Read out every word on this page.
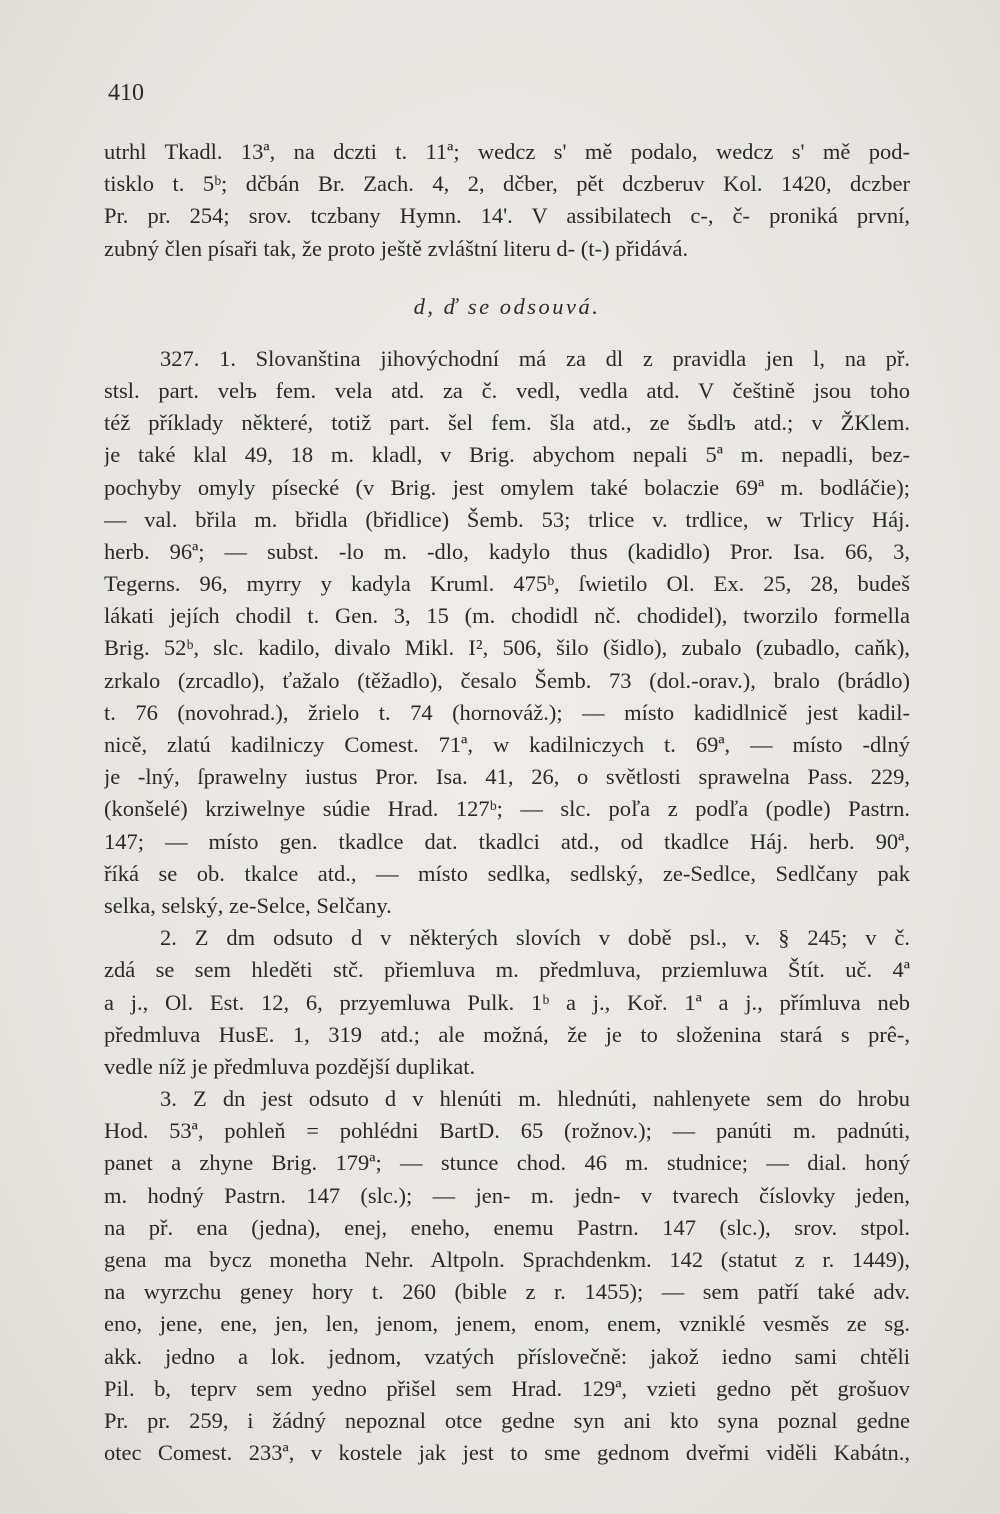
410
utrhl Tkadl. 13ª, na dczti t. 11ª; wedcz s' mě podalo, wedcz s' mě pod-
tisklo t. 5ᵇ; dčbán Br. Zach. 4, 2, dčber, pět dczberuv Kol. 1420, dczber
Pr. pr. 254; srov. tczbany Hymn. 14'. V assibilatech c-, č- proniká první,
zubný člen písaři tak, že proto ještě zvláštní literu d- (t-) přidává.
d, ď se odsouvá.
327. 1. Slovanština jihovýchodní má za dl z pravidla jen l, na př.
stsl. part. velъ fem. vela atd. za č. vedl, vedla atd. V češtině jsou toho
též příklady některé, totiž part. šel fem. šla atd., ze šьdlъ atd.; v ŽKlem.
je také klal 49, 18 m. kladl, v Brig. abychom nepali 5ª m. nepadli, bez-
pochyby omyly písecké (v Brig. jest omylem také bolaczie 69ª m. bodláčie);
— val. břila m. břidla (břidlice) Šemb. 53; trlice v. trdlice, w Trlicy Háj.
herb. 96ª; — subst. -lo m. -dlo, kadylo thus (kadidlo) Pror. Isa. 66, 3,
Tegerns. 96, myrry y kadyla Kruml. 475ᵇ, ſwietilo Ol. Ex. 25, 28, budeš
lákati jejích chodil t. Gen. 3, 15 (m. chodidl nč. chodidel), tworzilo formella
Brig. 52ᵇ, slc. kadilo, divalo Mikl. I², 506, šilo (šidlo), zubalo (zubadlo, caňk),
zrkalo (zrcadlo), ťažalo (těžadlo), česalo Šemb. 73 (dol.-orav.), bralo (brádlo)
t. 76 (novohrad.), žrielo t. 74 (hornováž.); — místo kadidlnicě jest kadil-
nicě, zlatú kadilniczy Comest. 71ª, w kadilniczych t. 69ª, — místo -dlný
je -lný, ſprawelny iustus Pror. Isa. 41, 26, o světlosti sprawelna Pass. 229,
(konšelé) krziwelnye súdie Hrad. 127ᵇ; — slc. poľa z podľa (podle) Pastrn.
147; — místo gen. tkadlce dat. tkadlci atd., od tkadlce Háj. herb. 90ª,
říká se ob. tkalce atd., — místo sedlka, sedlský, ze-Sedlce, Sedlčany pak
selka, selský, ze-Selce, Selčany.
2. Z dm odsuto d v některých slovích v době psl., v. § 245; v č.
zdá se sem hleděti stč. přiemluva m. předmluva, prziemluwa Štít. uč. 4ª
a j., Ol. Est. 12, 6, przyemluwa Pulk. 1ᵇ a j., Koř. 1ª a j., přímluva neb
předmluva HusE. 1, 319 atd.; ale možná, že je to složenina stará s prê-,
vedle níž je předmluva pozdější duplikat.
3. Z dn jest odsuto d v hlenúti m. hlednúti, nahlenyete sem do hrobu
Hod. 53ª, pohleň = pohlédni BartD. 65 (rožnov.); — panúti m. padnúti,
panet a zhyne Brig. 179ª; — stunce chod. 46 m. studnice; — dial. honý
m. hodný Pastrn. 147 (slc.); — jen- m. jedn- v tvarech číslovky jeden,
na př. ena (jedna), enej, eneho, enemu Pastrn. 147 (slc.), srov. stpol.
gena ma bycz monetha Nehr. Altpoln. Sprachdenkm. 142 (statut z r. 1449),
na wyrzchu geney hory t. 260 (bible z r. 1455); — sem patří také adv.
eno, jene, ene, jen, len, jenom, jenem, enom, enem, vzniklé vesměs ze sg.
akk. jedno a lok. jednom, vzatých příslovečně: jakož iedno sami chtěli
Pil. b, teprv sem yedno přišel sem Hrad. 129ª, vzieti gedno pět grošuov
Pr. pr. 259, i žádný nepoznal otce gedne syn ani kto syna poznal gedne
otec Comest. 233ª, v kostele jak jest to sme gednom dveřmi viděli Kabátn.,
